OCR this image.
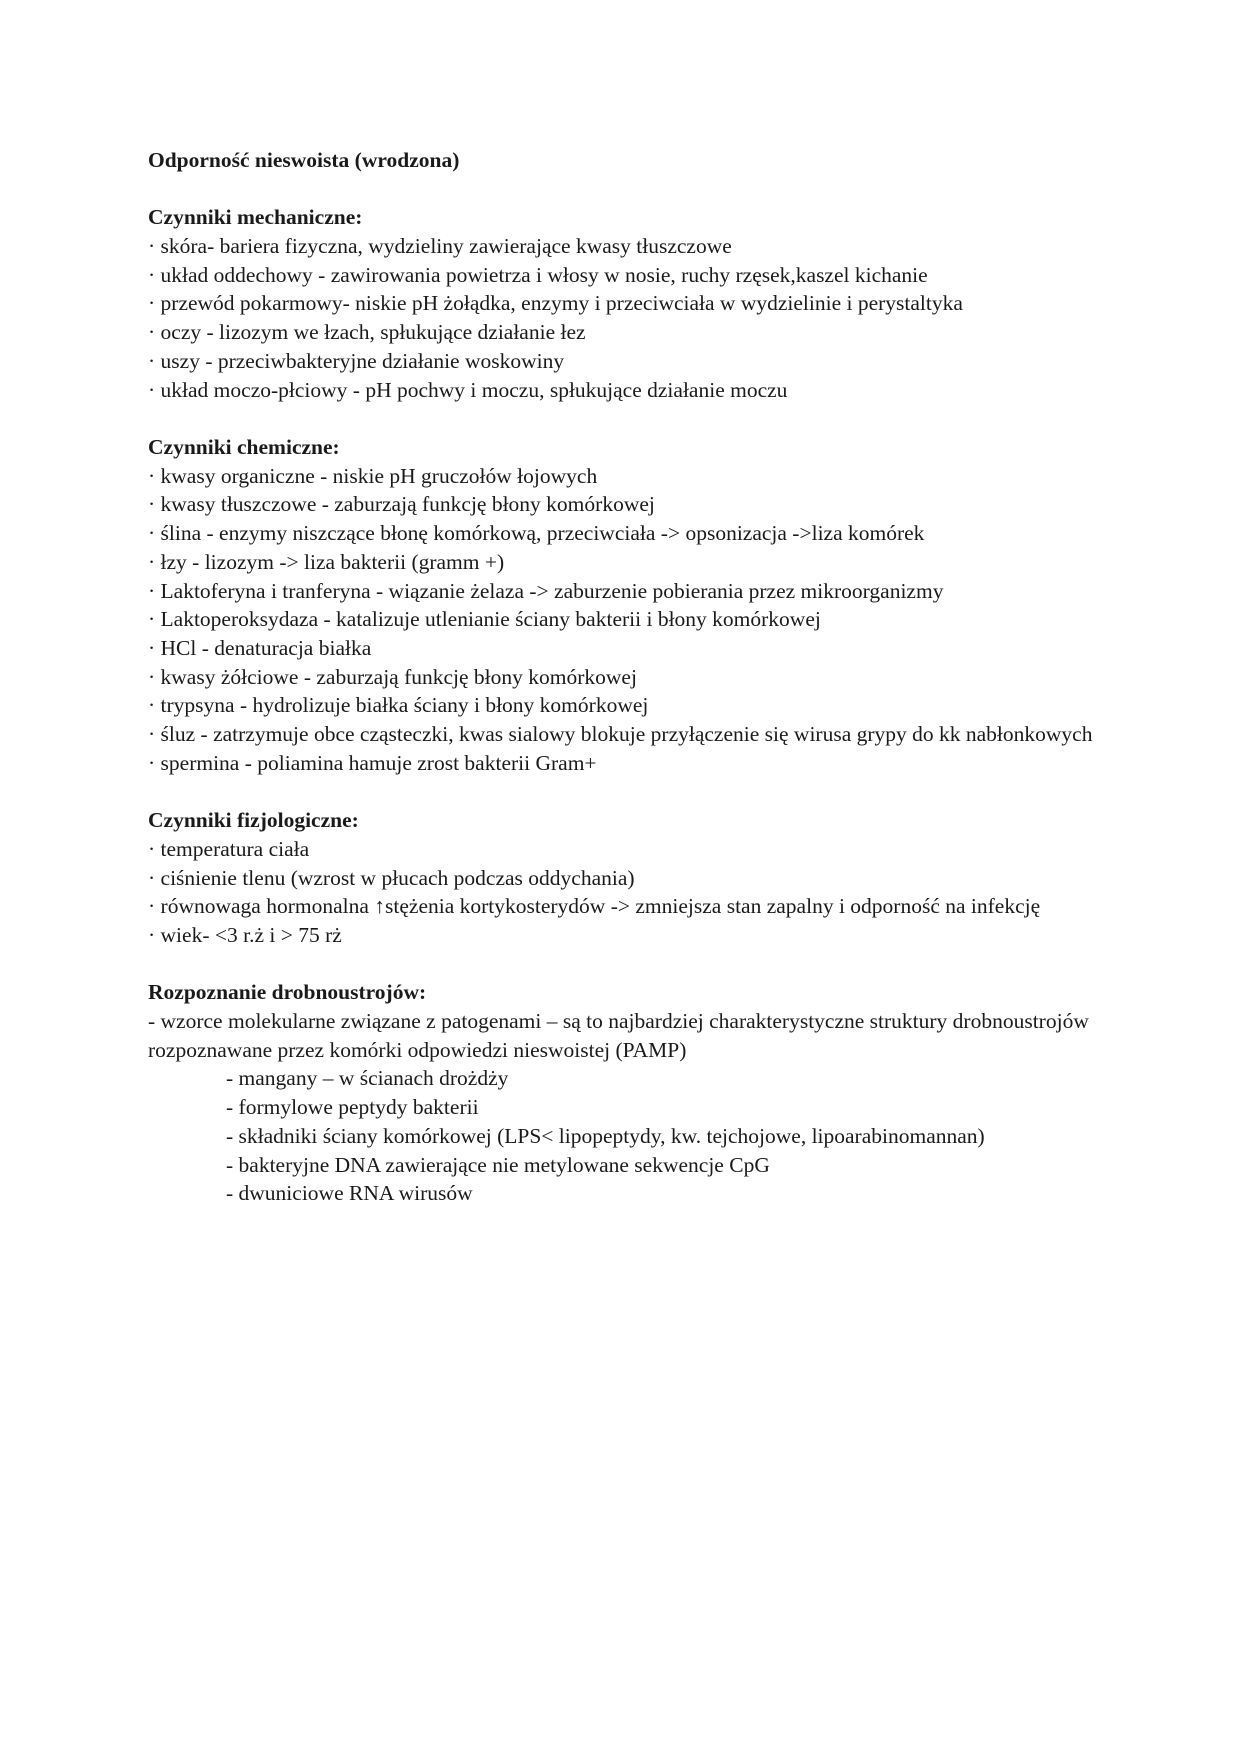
Odporność nieswoista (wrodzona)

Czynniki mechaniczne:

· skóra- bariera fizyczna, wydzieliny zawierające kwasy tłuszczowe

· układ oddechowy - zawirowania powietrza i włosy w nosie, ruchy rzęsek,kaszel kichanie

· przewód pokarmowy- niskie pH żołądka, enzymy i przeciwciała w wydzielinie i perystaltyka

· oczy - lizozym we łzach, spłukujące działanie łez

· uszy - przeciwbakteryjne działanie woskowiny

· układ moczo-płciowy - pH pochwy i moczu, spłukujące działanie moczu

Czynniki chemiczne:

· kwasy organiczne - niskie pH gruczołów łojowych

· kwasy tłuszczowe - zaburzają funkcję błony komórkowej

· ślina - enzymy niszczące błonę komórkową, przeciwciała -> opsonizacja ->liza komórek

· łzy - lizozym -> liza bakterii (gramm +)

· Laktoferyna i tranferyna - wiązanie żelaza -> zaburzenie pobierania przez mikroorganizmy

· Laktoperoksydaza - katalizuje utlenianie ściany bakterii i błony komórkowej

· HCl - denaturacja białka

· kwasy żółciowe - zaburzają funkcję błony komórkowej

· trypsyna - hydrolizuje białka ściany i błony komórkowej

· śluz - zatrzymuje obce cząsteczki, kwas sialowy blokuje przyłączenie się wirusa grypy do kk nabłonkowych

· spermina - poliamina hamuje zrost bakterii Gram+

Czynniki fizjologiczne:

· temperatura ciała

· ciśnienie tlenu (wzrost w płucach podczas oddychania)

· równowaga hormonalna ↑stężenia kortykosterydów -> zmniejsza stan zapalny i odporność na infekcję

· wiek- <3 r.ż i > 75 rż

Rozpoznanie drobnoustrojów:

- wzorce molekularne związane z patogenami – są to najbardziej charakterystyczne struktury drobnoustrojów rozpoznawane przez komórki odpowiedzi nieswoistej (PAMP)

- mangany – w ścianach drożdży

- formylowe peptydy bakterii

- składniki ściany komórkowej (LPS< lipopeptydy, kw. tejchojowe, lipoarabinomannan)

- bakteryjne DNA zawierające nie metylowane sekwencje CpG

- dwuniciowe RNA wirusów
